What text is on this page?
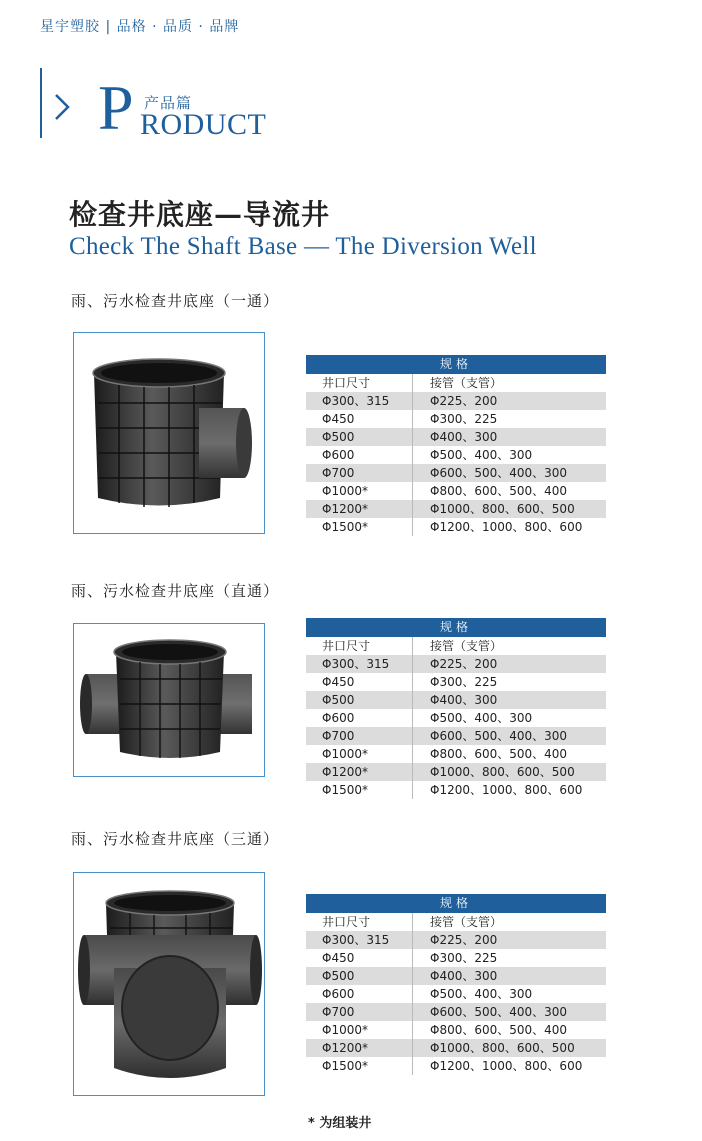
星宇塑胶 | 品格 · 品质 · 品牌
P 产品篇
RODUCT
检查井底座—导流井
Check The Shaft Base — The Diversion Well
雨、污水检查井底座（一通）
规格
井口尺寸	接管（支管）
Φ300、315	Φ225、200
Φ450	Φ300、225
Φ500	Φ400、300
Φ600	Φ500、400、300
Φ700	Φ600、500、400、300
Φ1000*	Φ800、600、500、400
Φ1200*	Φ1000、800、600、500
Φ1500*	Φ1200、1000、800、600
雨、污水检查井底座（直通）
规格
井口尺寸	接管（支管）
Φ300、315	Φ225、200
Φ450	Φ300、225
Φ500	Φ400、300
Φ600	Φ500、400、300
Φ700	Φ600、500、400、300
Φ1000*	Φ800、600、500、400
Φ1200*	Φ1000、800、600、500
Φ1500*	Φ1200、1000、800、600
雨、污水检查井底座（三通）
规格
井口尺寸	接管（支管）
Φ300、315	Φ225、200
Φ450	Φ300、225
Φ500	Φ400、300
Φ600	Φ500、400、300
Φ700	Φ600、500、400、300
Φ1000*	Φ800、600、500、400
Φ1200*	Φ1000、800、600、500
Φ1500*	Φ1200、1000、800、600
* 为组装井
